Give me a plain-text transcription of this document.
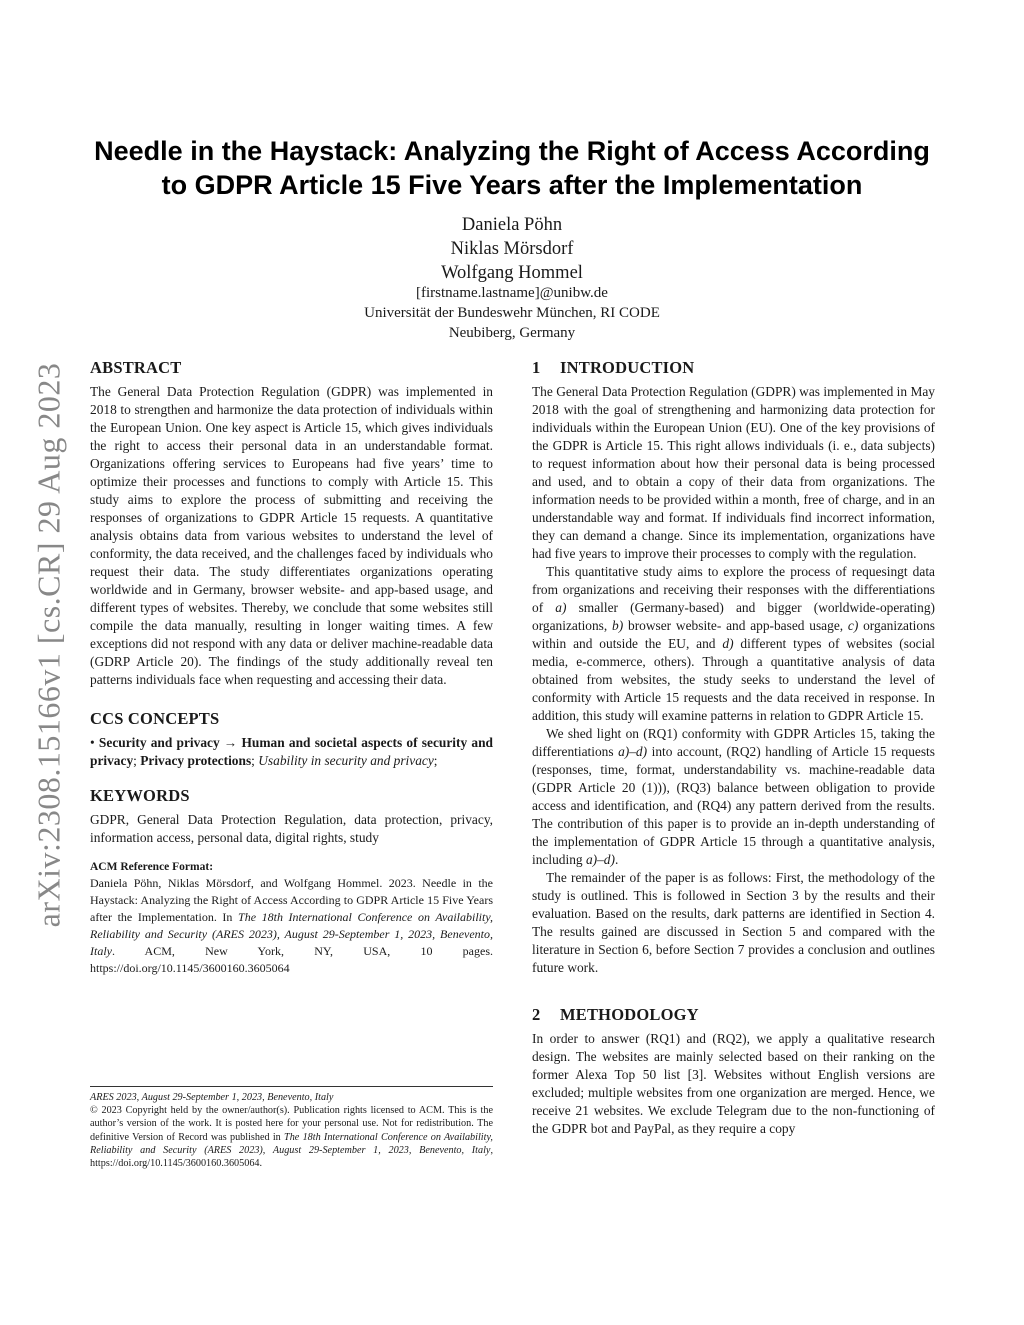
arXiv:2308.15166v1 [cs.CR] 29 Aug 2023
Needle in the Haystack: Analyzing the Right of Access According
to GDPR Article 15 Five Years after the Implementation
Daniela Pöhn
Niklas Mörsdorf
Wolfgang Hommel
[firstname.lastname]@unibw.de
Universität der Bundeswehr München, RI CODE
Neubiberg, Germany
ABSTRACT

The General Data Protection Regulation (GDPR) was implemented in 2018 to strengthen and harmonize the data protection of individuals within the European Union. One key aspect is Article 15, which gives individuals the right to access their personal data in an understandable format. Organizations offering services to Europeans had five years’ time to optimize their processes and functions to comply with Article 15. This study aims to explore the process of submitting and receiving the responses of organizations to GDPR Article 15 requests. A quantitative analysis obtains data from various websites to understand the level of conformity, the data received, and the challenges faced by individuals who request their data. The study differentiates organizations operating worldwide and in Germany, browser website- and app-based usage, and different types of websites. Thereby, we conclude that some websites still compile the data manually, resulting in longer waiting times. A few exceptions did not respond with any data or deliver machine-readable data (GDRP Article 20). The findings of the study additionally reveal ten patterns individuals face when requesting and accessing their data.

CCS CONCEPTS

• Security and privacy → Human and societal aspects of security and privacy; Privacy protections; Usability in security and privacy;

KEYWORDS

GDPR, General Data Protection Regulation, data protection, privacy, information access, personal data, digital rights, study

ACM Reference Format:

Daniela Pöhn, Niklas Mörsdorf, and Wolfgang Hommel. 2023. Needle in the Haystack: Analyzing the Right of Access According to GDPR Article 15 Five Years after the Implementation. In The 18th International Conference on Availability, Reliability and Security (ARES 2023), August 29-September 1, 2023, Benevento, Italy. ACM, New York, NY, USA, 10 pages. https://doi.org/10.1145/3600160.3605064

ARES 2023, August 29-September 1, 2023, Benevento, Italy
© 2023 Copyright held by the owner/author(s). Publication rights licensed to ACM. This is the author’s version of the work. It is posted here for your personal use. Not for redistribution. The definitive Version of Record was published in The 18th International Conference on Availability, Reliability and Security (ARES 2023), August 29-September 1, 2023, Benevento, Italy, https://doi.org/10.1145/3600160.3605064.
1 INTRODUCTION

The General Data Protection Regulation (GDPR) was implemented in May 2018 with the goal of strengthening and harmonizing data protection for individuals within the European Union (EU). One of the key provisions of the GDPR is Article 15. This right allows individuals (i. e., data subjects) to request information about how their personal data is being processed and used, and to obtain a copy of their data from organizations. The information needs to be provided within a month, free of charge, and in an understandable way and format. If individuals find incorrect information, they can demand a change. Since its implementation, organizations have had five years to improve their processes to comply with the regulation.

This quantitative study aims to explore the process of requesingt data from organizations and receiving their responses with the differentiations of a) smaller (Germany-based) and bigger (worldwide-operating) organizations, b) browser website- and app-based usage, c) organizations within and outside the EU, and d) different types of websites (social media, e-commerce, others). Through a quantitative analysis of data obtained from websites, the study seeks to understand the level of conformity with Article 15 requests and the data received in response. In addition, this study will examine patterns in relation to GDPR Article 15.

We shed light on (RQ1) conformity with GDPR Articles 15, taking the differentiations a)–d) into account, (RQ2) handling of Article 15 requests (responses, time, format, understandability vs. machine-readable data (GDPR Article 20 (1))), (RQ3) balance between obligation to provide access and identification, and (RQ4) any pattern derived from the results. The contribution of this paper is to provide an in-depth understanding of the implementation of GDPR Article 15 through a quantitative analysis, including a)–d).

The remainder of the paper is as follows: First, the methodology of the study is outlined. This is followed in Section 3 by the results and their evaluation. Based on the results, dark patterns are identified in Section 4. The results gained are discussed in Section 5 and compared with the literature in Section 6, before Section 7 provides a conclusion and outlines future work.

2 METHODOLOGY

In order to answer (RQ1) and (RQ2), we apply a qualitative research design. The websites are mainly selected based on their ranking on the former Alexa Top 50 list [3]. Websites without English versions are excluded; multiple websites from one organization are merged. Hence, we receive 21 websites. We exclude Telegram due to the non-functioning of the GDPR bot and PayPal, as they require a copy
